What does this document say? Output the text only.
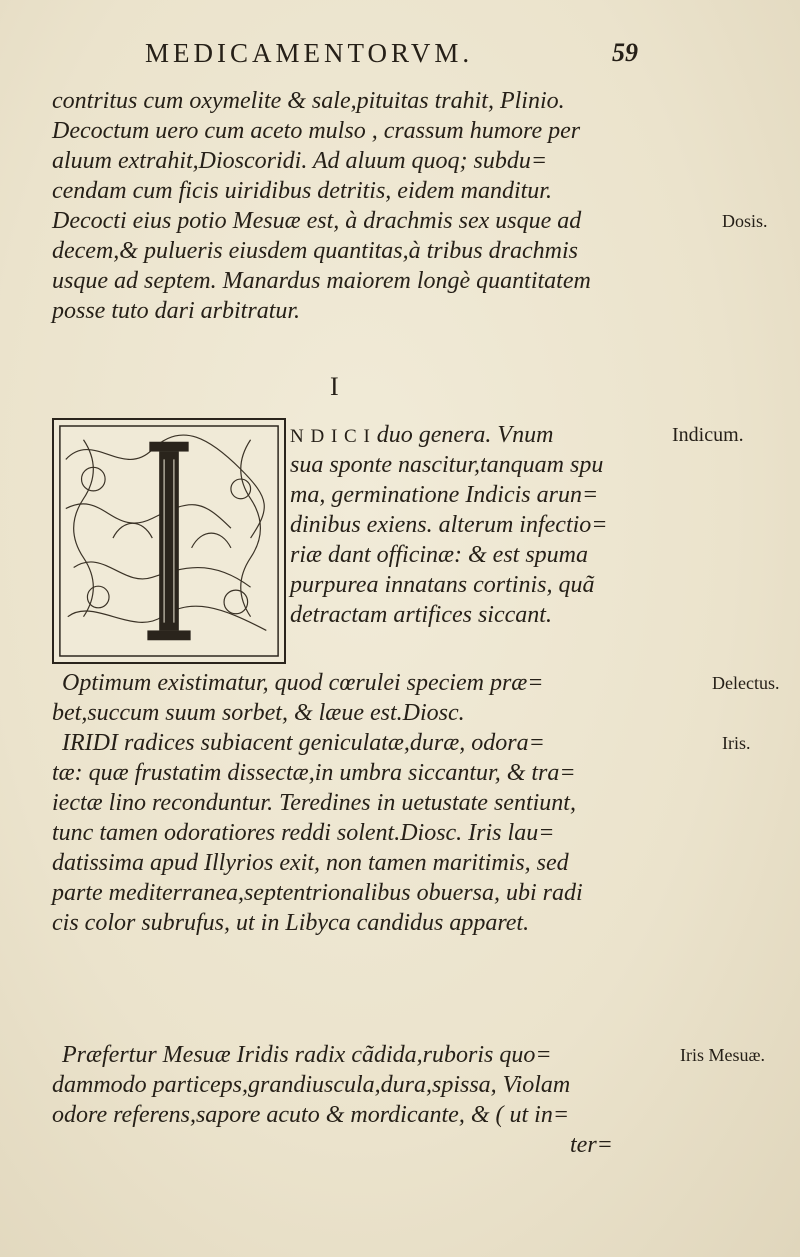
MEDICAMENTORVM.	59
contritus cum oxymelite & sale,pituitas trahit, Plinio.
Decoctum uero cum aceto mulso , crassum humore per
aluum extrahit,Dioscoridi. Ad aluum quoq; subdu=
cendam cum ficis uiridibus detritis, eidem manditur.
Decocti eius potio Mesuæ est, à drachmis sex usque ad
decem,& pulueris eiusdem quantitas,à tribus drachmis
usque ad septem. Manardus maiorem longè quantitatem
posse tuto dari arbitratur.
Dosis.
I
N D I C I duo genera. Vnum
sua sponte nascitur,tanquam spu
ma, germinatione Indicis arun=
dinibus exiens. alterum infectio=
riæ dant officinæ: & est spuma
purpurea innatans cortinis, quã
detractam artifices siccant.
Indicum.
Optimum existimatur, quod cœrulei speciem præ=
bet,succum suum sorbet, & læue est.Diosc.
IRIDI radices subiacent geniculatæ,duræ, odora=
tæ: quæ frustatim dissectæ,in umbra siccantur, & tra=
iectæ lino reconduntur. Teredines in uetustate sentiunt,
tunc tamen odoratiores reddi solent.Diosc. Iris lau=
datissima apud Illyrios exit, non tamen maritimis, sed
parte mediterranea,septentrionalibus obuersa, ubi radi
cis color subrufus, ut in Libyca candidus apparet.
Præfertur Mesuæ Iridis radix cãdida,ruboris quo=
dammodo particeps,grandiuscula,dura,spissa, Violam
odore referens,sapore acuto & mordicante, & ( ut in=
ter=
Delectus.
Iris.
Iris Mesuæ.
